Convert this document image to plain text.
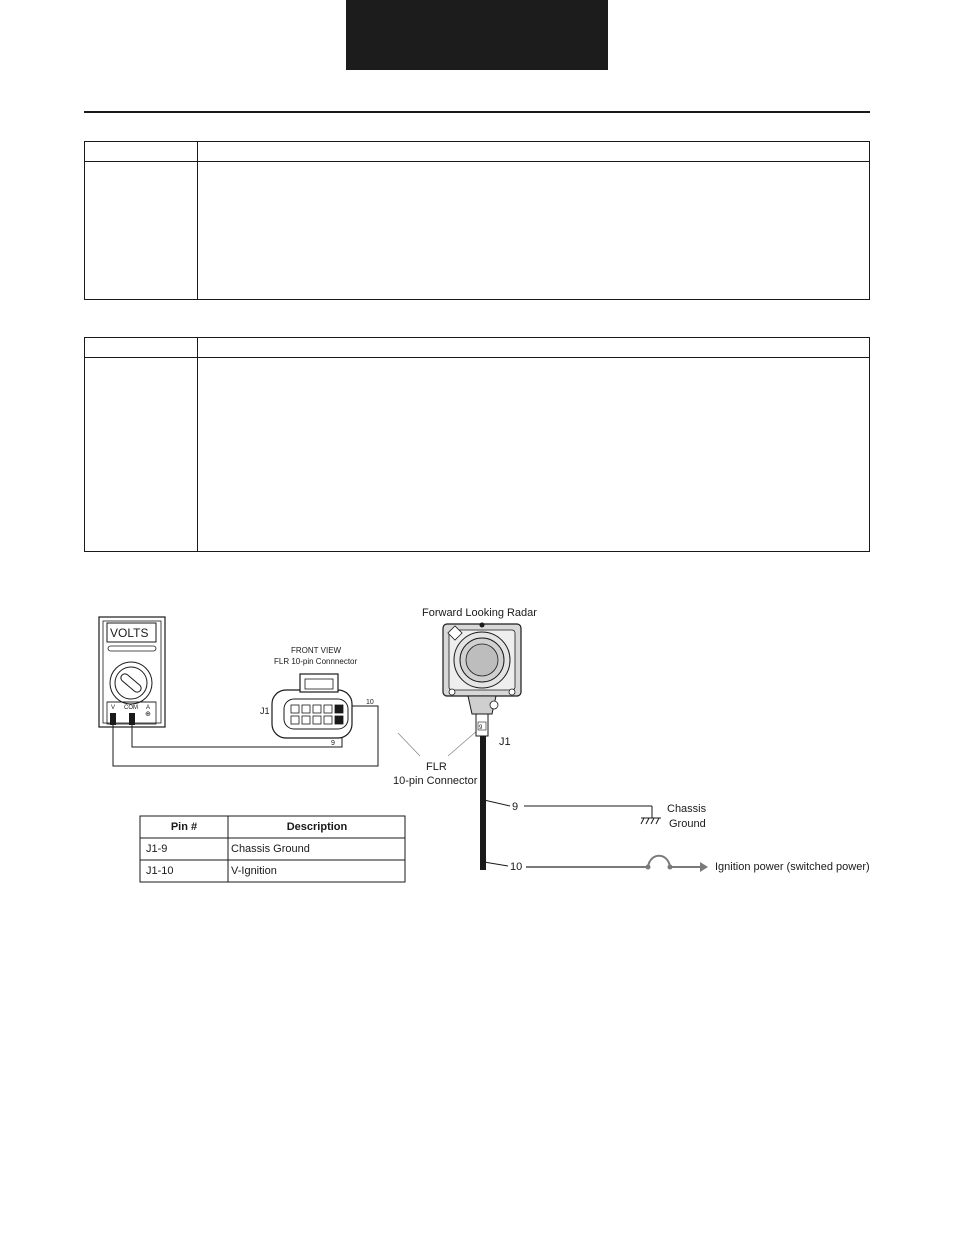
VOLTS
V COM A
⊕
FRONT VIEW
FLR 10-pin Connnector
J1
10
9
FLR
10-pin Connector
Forward Looking Radar
9
J1
9	Chassis
Ground
10	Ignition power (switched power)
Pin #	Description
J1-9	Chassis Ground
J1-10	V-Ignition
